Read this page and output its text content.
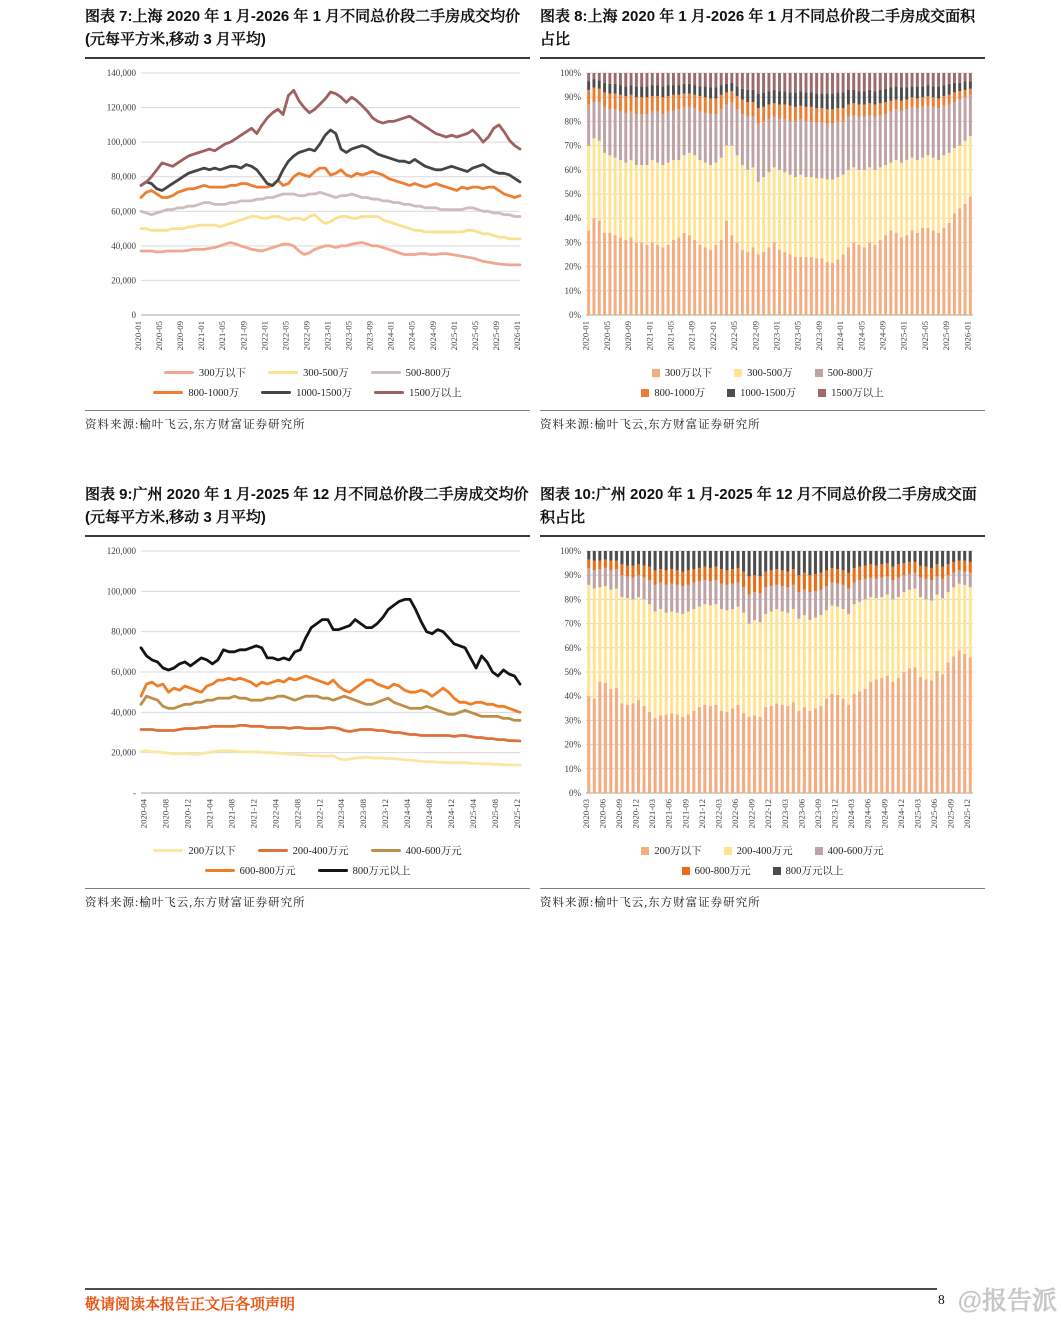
图表 7:上海 2020 年 1 月-2026 年 1 月不同总价段二手房成交均价(元每平方米,移动 3 月平均)
0
20,000
40,000
60,000
80,000
100,000
120,000
140,000
2020-01 2020-05 2020-09 2021-01 2021-05 2021-09 2022-01 2022-05 2022-09 2023-01 2023-05 2023-09 2024-01 2024-05 2024-09 2025-01 2025-05 2025-09 2026-01
300万以下	300-500万	500-800万
800-1000万	1000-1500万	1500万以上
资料来源:榆叶飞云,东方财富证券研究所
图表 8:上海 2020 年 1 月-2026 年 1 月不同总价段二手房成交面积占比
0%
10%
20%
30%
40%
50%
60%
70%
80%
90%
100%
2020-01 2020-05 2020-09 2021-01 2021-05 2021-09 2022-01 2022-05 2022-09 2023-01 2023-05 2023-09 2024-01 2024-05 2024-09 2025-01 2025-05 2025-09 2026-01
300万以下	300-500万	500-800万
800-1000万	1000-1500万	1500万以上
资料来源:榆叶飞云,东方财富证券研究所
图表 9:广州 2020 年 1 月-2025 年 12 月不同总价段二手房成交均价(元每平方米,移动 3 月平均)
-
20,000
40,000
60,000
80,000
100,000
120,000
2020-04 2020-08 2020-12 2021-04 2021-08 2021-12 2022-04 2022-08 2022-12 2023-04 2023-08 2023-12 2024-04 2024-08 2024-12 2025-04 2025-08 2025-12
200万以下	200-400万元	400-600万元
600-800万元	800万元以上
资料来源:榆叶飞云,东方财富证券研究所
图表 10:广州 2020 年 1 月-2025 年 12 月不同总价段二手房成交面积占比
0%
10%
20%
30%
40%
50%
60%
70%
80%
90%
100%
2020-03 2020-06 2020-09 2020-12 2021-03 2021-06 2021-09 2021-12 2022-03 2022-06 2022-09 2022-12 2023-03 2023-06 2023-09 2023-12 2024-03 2024-06 2024-09 2024-12 2025-03 2025-06 2025-09 2025-12
200万以下	200-400万元	400-600万元
600-800万元	800万元以上
资料来源:榆叶飞云,东方财富证券研究所
敬请阅读本报告正文后各项声明	8 @报告派
